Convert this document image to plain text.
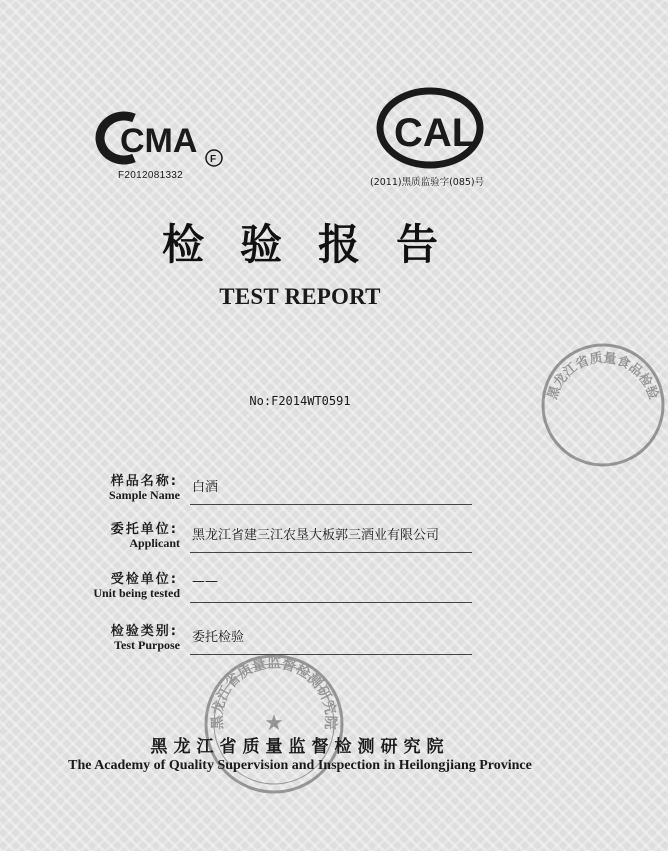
CMA F
F2012081332
CAL
(2011)黑质监验字(085)号
检验报告
TEST REPORT
No:F2014WT0591
样品名称:
Sample Name 白酒
委托单位:
Applicant 黑龙江省建三江农垦大板郭三酒业有限公司
受检单位:
Unit being tested
——
检验类别:
Test Purpose 委托检验
★
黑龙江省质量监督检测研究院
黑龙江省质量食品检验
黑龙江省质量监督检测研究院
The Academy of Quality Supervision and Inspection in Heilongjiang Province
